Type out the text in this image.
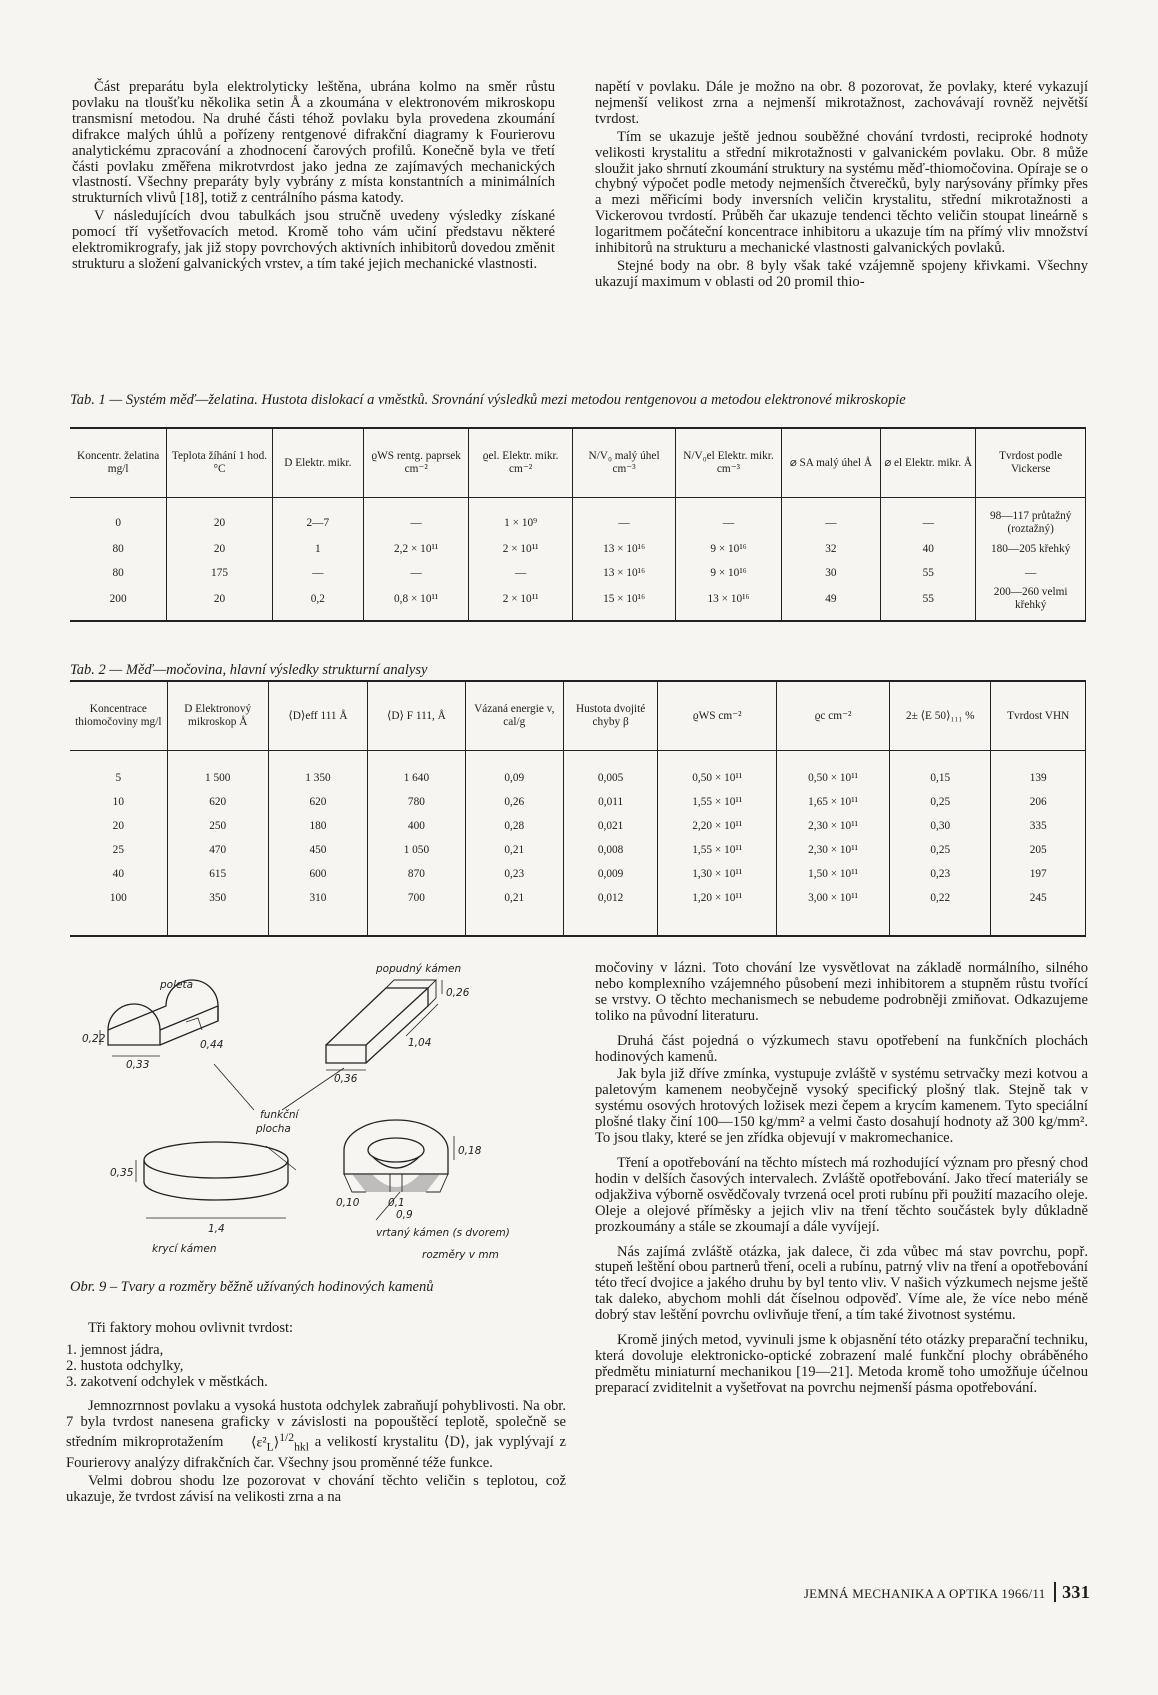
Část preparátu byla elektrolyticky leštěna, ubrána kolmo na směr růstu povlaku na tloušťku několika setin Å a zkoumána v elektronovém mikroskopu transmisní metodou. Na druhé části téhož povlaku byla provedena zkoumání difrakce malých úhlů a pořízeny rentgenové difrakční diagramy k Fourierovu analytickému zpracování a zhodnocení čarových profilů. Konečně byla ve třetí části povlaku změřena mikrotvrdost jako jedna ze zajímavých mechanických vlastností. Všechny preparáty byly vybrány z místa konstantních a minimálních strukturních vlivů [18], totiž z centrálního pásma katody.

V následujících dvou tabulkách jsou stručně uvedeny výsledky získané pomocí tří vyšetřovacích metod. Kromě toho vám učiní představu některé elektromikrografy, jak již stopy povrchových aktivních inhibitorů dovedou změnit strukturu a složení galvanických vrstev, a tím také jejich mechanické vlastnosti.

napětí v povlaku. Dále je možno na obr. 8 pozorovat, že povlaky, které vykazují nejmenší velikost zrna a nejmenší mikrotažnost, zachovávají rovněž největší tvrdost.

Tím se ukazuje ještě jednou souběžné chování tvrdosti, reciproké hodnoty velikosti krystalitu a střední mikrotažnosti v galvanickém povlaku. Obr. 8 může sloužit jako shrnutí zkoumání struktury na systému měď-thiomočovina. Opíraje se o chybný výpočet podle metody nejmenších čtverečků, byly narýsovány přímky přes a mezi měřicími body inversních veličin krystalitu, střední mikrotažnosti a Vickerovou tvrdostí. Průběh čar ukazuje tendenci těchto veličin stoupat lineárně s logaritmem počáteční koncentrace inhibitoru a ukazuje tím na přímý vliv množství inhibitorů na strukturu a mechanické vlastnosti galvanických povlaků.

Stejné body na obr. 8 byly však také vzájemně spojeny křivkami. Všechny ukazují maximum v oblasti od 20 promil thio-

Tab. 1 — Systém měď—želatina. Hustota dislokací a vměstků. Srovnání výsledků mezi metodou rentgenovou a metodou elektronové mikroskopie
Koncentr. želatina mg/l	Teplota žíhání 1 hod. °C	D Elektr. mikr.	ϱWS rentg. paprsek cm⁻²	ϱel. Elektr. mikr. cm⁻²	N/V₀ malý úhel cm⁻³	N/V₀el Elektr. mikr. cm⁻³	⌀ SA malý úhel Å	⌀ el Elektr. mikr. Å	Tvrdost podle Vickerse
0	20	2—7	—	1 × 10⁹	—	—	—	—	98—117 průtažný (roztažný)
80	20	1	2,2 × 10¹¹	2 × 10¹¹	13 × 10¹⁶	9 × 10¹⁶	32	40	180—205 křehký
80	175	—	—	—	13 × 10¹⁶	9 × 10¹⁶	30	55	—
200	20	0,2	0,8 × 10¹¹	2 × 10¹¹	15 × 10¹⁶	13 × 10¹⁶	49	55	200—260 velmi křehký
Tab. 2 — Měď—močovina, hlavní výsledky strukturní analysy
Koncentrace thiomočoviny mg/l	D Elektronový mikroskop Å	⟨D⟩eff 111 Å	⟨D⟩ F 111, Å	Vázaná energie v, cal/g	Hustota dvojité chyby β	ϱWS cm⁻²	ϱc cm⁻²	2± ⟨E 50⟩₁₁₁ %	Tvrdost VHN
5	1 500	1 350	1 640	0,09	0,005	0,50 × 10¹¹	0,50 × 10¹¹	0,15	139
10	620	620	780	0,26	0,011	1,55 × 10¹¹	1,65 × 10¹¹	0,25	206
20	250	180	400	0,28	0,021	2,20 × 10¹¹	2,30 × 10¹¹	0,30	335
25	470	450	1 050	0,21	0,008	1,55 × 10¹¹	2,30 × 10¹¹	0,25	205
40	615	600	870	0,23	0,009	1,30 × 10¹¹	1,50 × 10¹¹	0,23	197
100	350	310	700	0,21	0,012	1,20 × 10¹¹	3,00 × 10¹¹	0,22	245
poleta
popudný kámen
funkční
plocha
krycí kámen
vrtaný kámen (s dvorem)
rozměry v mm
0,22
0,33
0,44
0,26
1,04
0,36
0,35
1,4
0,18
0,10	0,1
0,9
Obr. 9 – Tvary a rozměry běžně užívaných hodinových kamenů

Tři faktory mohou ovlivnit tvrdost:

1. jemnost jádra,
2. hustota odchylky,
3. zakotvení odchylek v městkách.

Jemnozrnnost povlaku a vysoká hustota odchylek zabraňují pohyblivosti. Na obr. 7 byla tvrdost nanesena graficky v závislosti na popouštěcí teplotě, společně se středním mikroprotažením $⟨\varepsilon^2_L⟩^{1/2}_{hkl}$ a velikostí krystalitu ⟨D⟩, jak vyplývají z Fourierovy analýzy difrakčních čar. Všechny jsou proměnné téže funkce.

Velmi dobrou shodu lze pozorovat v chování těchto veličin s teplotou, což ukazuje, že tvrdost závisí na velikosti zrna a na

močoviny v lázni. Toto chování lze vysvětlovat na základě normálního, silného nebo komplexního vzájemného působení mezi inhibitorem a stupněm růstu tvořící se vrstvy. O těchto mechanismech se nebudeme podrobněji zmiňovat. Odkazujeme toliko na původní literaturu.

Druhá část pojedná o výzkumech stavu opotřebení na funkčních plochách hodinových kamenů.

Jak byla již dříve zmínka, vystupuje zvláště v systému setrvačky mezi kotvou a paletovým kamenem neobyčejně vysoký specifický plošný tlak. Stejně tak v systému osových hrotových ložisek mezi čepem a krycím kamenem. Tyto speciální plošné tlaky činí 100—150 kg/mm² a velmi často dosahují hodnoty až 300 kg/mm². To jsou tlaky, které se jen zřídka objevují v makromechanice.

Tření a opotřebování na těchto místech má rozhodující význam pro přesný chod hodin v delších časových intervalech. Zvláště opotřebování. Jako třecí materiály se odjakživa výborně osvědčovaly tvrzená ocel proti rubínu při použití mazacího oleje. Oleje a olejové příměsky a jejich vliv na tření těchto součástek byly důkladně prozkoumány a stále se zkoumají a dále vyvíjejí.

Nás zajímá zvláště otázka, jak dalece, či zda vůbec má stav povrchu, popř. stupeň leštění obou partnerů tření, oceli a rubínu, patrný vliv na tření a opotřebování této třecí dvojice a jakého druhu by byl tento vliv. V našich výzkumech nejsme ještě tak daleko, abychom mohli dát číselnou odpověď. Víme ale, že více nebo méně dobrý stav leštění povrchu ovlivňuje tření, a tím také životnost systému.

Kromě jiných metod, vyvinuli jsme k objasnění této otázky preparační techniku, která dovoluje elektronicko-optické zobrazení malé funkční plochy obráběného předmětu miniaturní mechanikou [19—21]. Metoda kromě toho umožňuje účelnou preparací zviditelnit a vyšetřovat na povrchu nejmenší pásma opotřebování.

JEMNÁ MECHANIKA A OPTIKA 1966/11 331
